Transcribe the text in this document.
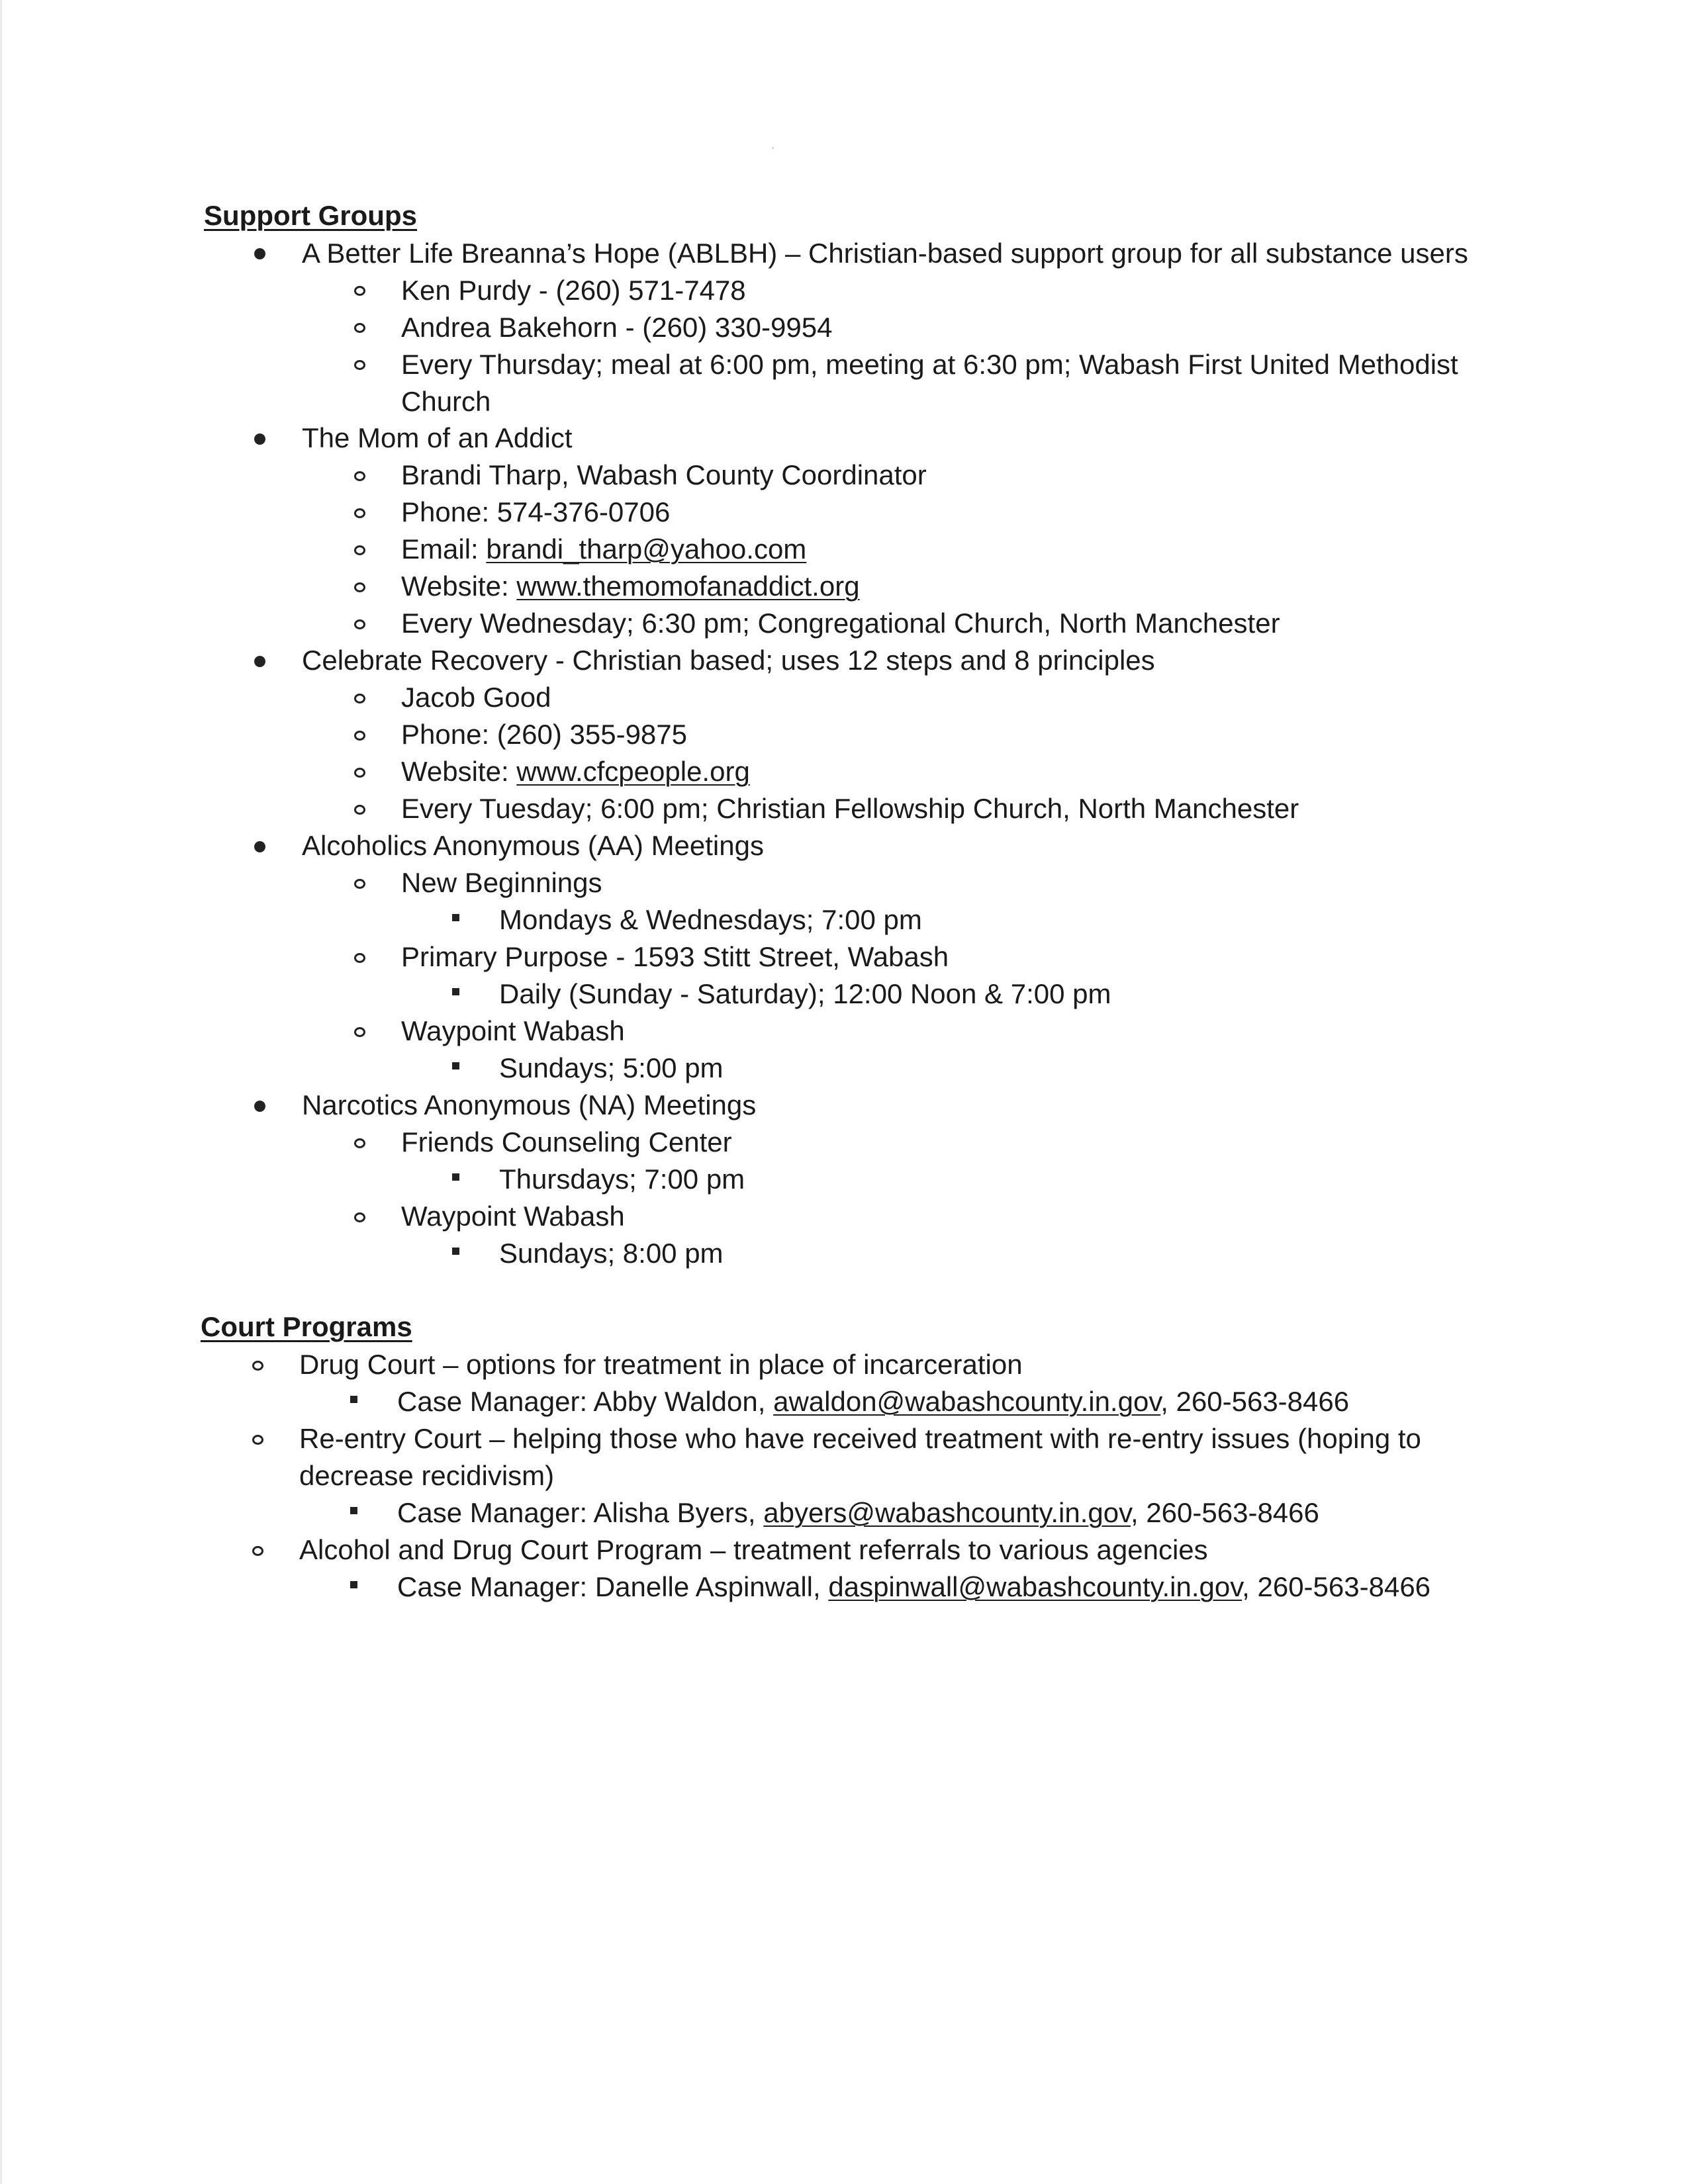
Support Groups
A Better Life Breanna’s Hope (ABLBH) – Christian-based support group for all substance users
Ken Purdy - (260) 571-7478
Andrea Bakehorn - (260) 330-9954
Every Thursday; meal at 6:00 pm, meeting at 6:30 pm; Wabash First United Methodist Church
The Mom of an Addict
Brandi Tharp, Wabash County Coordinator
Phone: 574-376-0706
Email: brandi_tharp@yahoo.com
Website: www.themomofanaddict.org
Every Wednesday; 6:30 pm; Congregational Church, North Manchester
Celebrate Recovery - Christian based; uses 12 steps and 8 principles
Jacob Good
Phone: (260) 355-9875
Website: www.cfcpeople.org
Every Tuesday; 6:00 pm; Christian Fellowship Church, North Manchester
Alcoholics Anonymous (AA) Meetings
New Beginnings
Mondays & Wednesdays; 7:00 pm
Primary Purpose - 1593 Stitt Street, Wabash
Daily (Sunday - Saturday); 12:00 Noon & 7:00 pm
Waypoint Wabash
Sundays; 5:00 pm
Narcotics Anonymous (NA) Meetings
Friends Counseling Center
Thursdays; 7:00 pm
Waypoint Wabash
Sundays; 8:00 pm
Court Programs
Drug Court – options for treatment in place of incarceration
Case Manager: Abby Waldon, awaldon@wabashcounty.in.gov, 260-563-8466
Re-entry Court – helping those who have received treatment with re-entry issues (hoping to decrease recidivism)
Case Manager: Alisha Byers, abyers@wabashcounty.in.gov, 260-563-8466
Alcohol and Drug Court Program – treatment referrals to various agencies
Case Manager: Danelle Aspinwall, daspinwall@wabashcounty.in.gov, 260-563-8466
